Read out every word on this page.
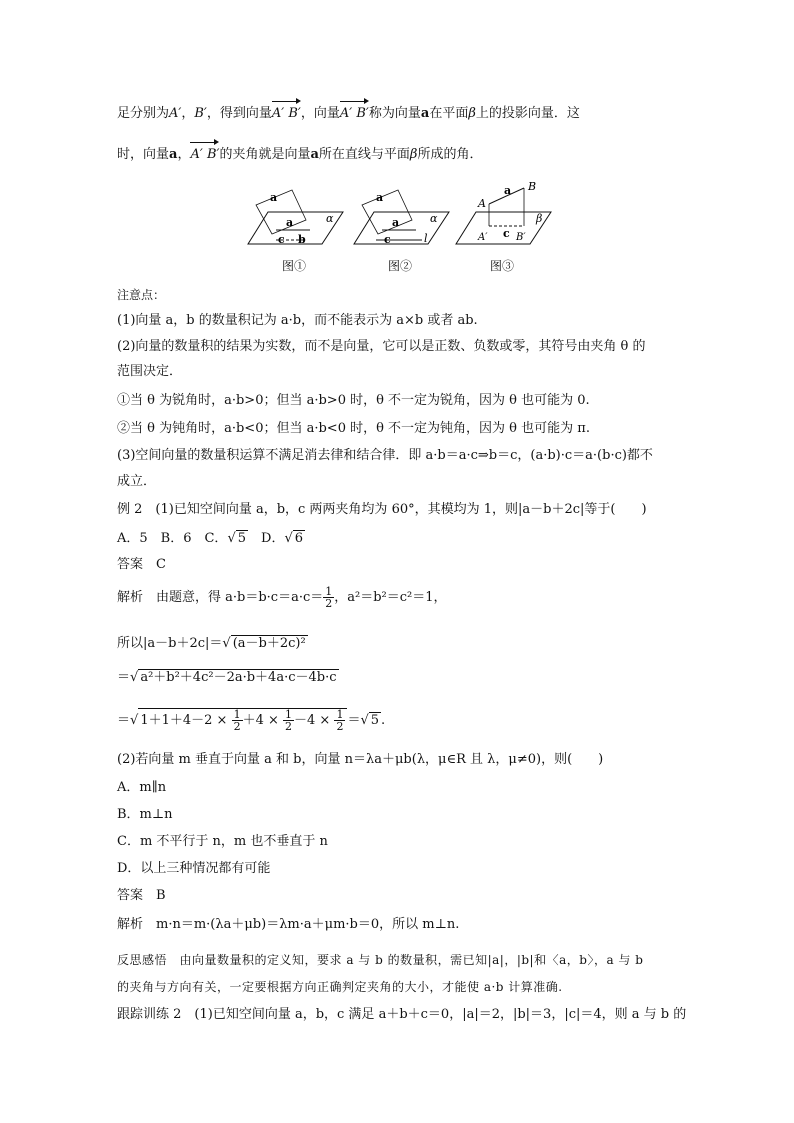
足分别为A′，B′，得到向量A′ B′，向量A′ B′称为向量a在平面β上的投影向量．这
时，向量a，A′ B′的夹角就是向量a所在直线与平面β所成的角．
a
a
c b
α
图①
a
a
c	l
α
图②
A
B
a
c
A′	B′
β
图③
注意点：
(1)向量 a，b 的数量积记为 a·b，而不能表示为 a×b 或者 ab.
(2)向量的数量积的结果为实数，而不是向量，它可以是正数、负数或零，其符号由夹角 θ 的
范围决定．
①当 θ 为锐角时，a·b>0；但当 a·b>0 时，θ 不一定为锐角，因为 θ 也可能为 0.
②当 θ 为钝角时，a·b<0；但当 a·b<0 时，θ 不一定为钝角，因为 θ 也可能为 π.
(3)空间向量的数量积运算不满足消去律和结合律．即 a·b＝a·c⇒b＝c，(a·b)·c＝a·(b·c)都不
成立．
例 2　(1)已知空间向量 a，b，c 两两夹角均为 60°，其模均为 1，则|a－b＋2c|等于(　　)
A．5　B．6　C．√ 5　D．√ 6
答案　C
解析　由题意，得 $a\cdot b=b\cdot c=a\cdot c= \frac{1}{2}$ ，a²＝b²＝c²＝1，
所以|a－b＋2c|＝√ (a－b＋2c)²
＝√ a²＋b²＋4c²－2a·b＋4a·c－4b·c
＝√ $1+1+4-2 \times \frac{1}{2} +4 \times \frac{1}{2} -4 \times \frac{1}{2}$ ＝√ 5 .
(2)若向量 m 垂直于向量 a 和 b，向量 n＝λa＋μb(λ，μ∈R 且 λ，μ≠0)，则(　　)
A．m∥n
B．m⊥n
C．m 不平行于 n，m 也不垂直于 n
D．以上三种情况都有可能
答案　B
解析　m·n＝m·(λa＋μb)＝λm·a＋μm·b＝0，所以 m⊥n.
反思感悟　由向量数量积的定义知，要求 a 与 b 的数量积，需已知|a|，|b|和〈a，b〉，a 与 b
的夹角与方向有关，一定要根据方向正确判定夹角的大小，才能使 a·b 计算准确.
跟踪训练 2　(1)已知空间向量 a，b，c 满足 a＋b＋c＝0，|a|＝2，|b|＝3，|c|＝4，则 a 与 b 的
